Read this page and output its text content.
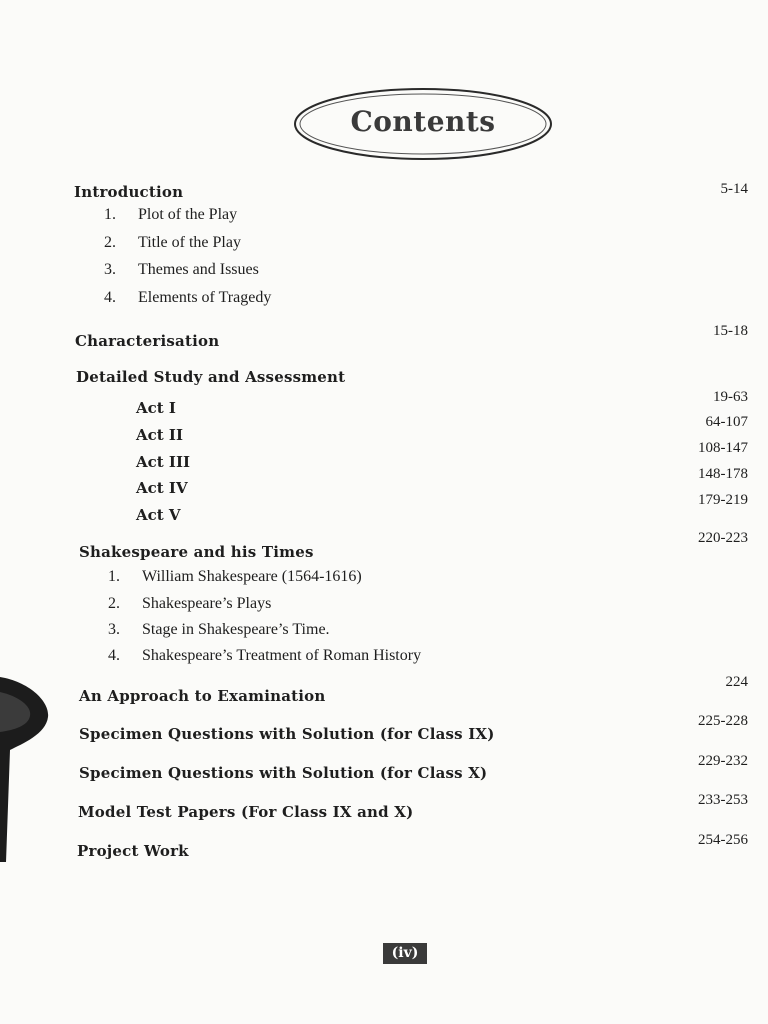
Contents
Introduction	5-14
1. Plot of the Play
2. Title of the Play
3. Themes and Issues
4. Elements of Tragedy
Characterisation
15-18
Detailed Study and Assessment
Act I
19-63
Act II
64-107
Act III
108-147
Act IV
148-178
Act V
179-219
Shakespeare and his Times
220-223
1. William Shakespeare (1564-1616)
2. Shakespeare’s Plays
3. Stage in Shakespeare’s Time.
4. Shakespeare’s Treatment of Roman History
An Approach to Examination
224
Specimen Questions with Solution (for Class IX)
225-228
Specimen Questions with Solution (for Class X)
229-232
Model Test Papers (For Class IX and X)
233-253
Project Work
254-256
(iv)
